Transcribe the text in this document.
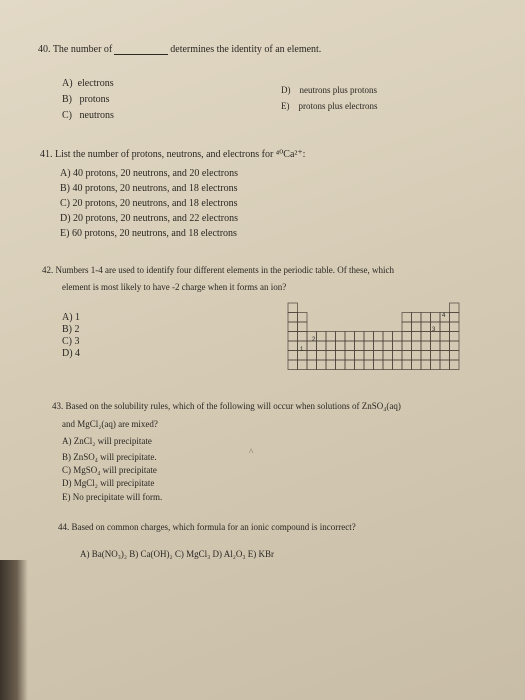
40. The number of	determines the identity of an element.
A) electrons
B) protons
C) neutrons
D) neutrons plus protons
E) protons plus electrons
41. List the number of protons, neutrons, and electrons for ⁴⁰Ca²⁺:
A) 40 protons, 20 neutrons, and 20 electrons
B) 40 protons, 20 neutrons, and 18 electrons
C) 20 protons, 20 neutrons, and 18 electrons
D) 20 protons, 20 neutrons, and 22 electrons
E) 60 protons, 20 neutrons, and 18 electrons
42. Numbers 1-4 are used to identify four different elements in the periodic table. Of these, which
element is most likely to have -2 charge when it forms an ion?
A) 1
B) 2
C) 3
D) 4
4
3
2
1
43. Based on the solubility rules, which of the following will occur when solutions of ZnSO₄(aq)
and MgCl₂(aq) are mixed?
A) ZnCl₂ will precipitate
B) ZnSO₄ will precipitate.
C) MgSO₄ will precipitate
D) MgCl₂ will precipitate
E) No precipitate will form.
^
44. Based on common charges, which formula for an ionic compound is incorrect?
A) Ba(NO₃)₂ B) Ca(OH)₂ C) MgCl₃ D) Al₂O₃ E) KBr
